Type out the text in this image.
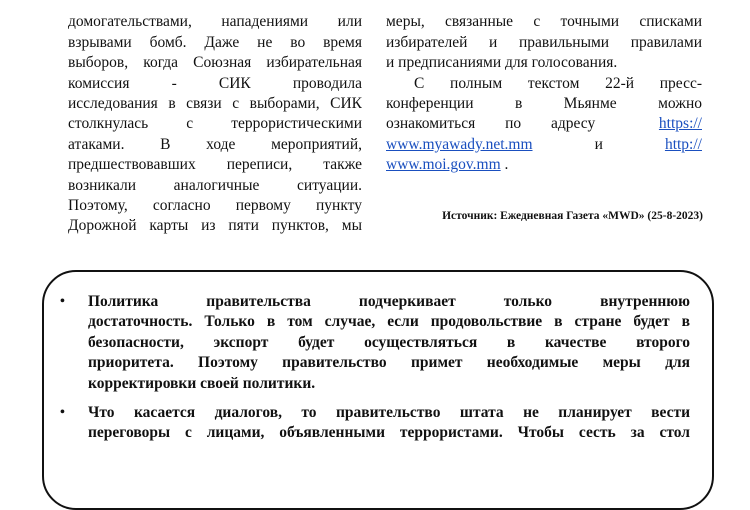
домогательствами, нападениями или
взрывами бомб. Даже не во время
выборов, когда Союзная избирательная
комиссия - СИК проводила
исследования в связи с выборами, СИК
столкнулась с террористическими
атаками. В ходе мероприятий,
предшествовавших переписи, также
возникали аналогичные ситуации.
Поэтому, согласно первому пункту
Дорожной карты из пяти пунктов, мы
меры, связанные с точными списками
избирателей и правильными правилами
и предписаниями для голосования.
С полным текстом 22-й пресс-
конференции в Мьянме можно
ознакомиться по адресу	https://
www.myawady.net.mm	и	http://
www.moi.gov.mm .
Источник: Ежедневная Газета «MWD» (25-8-2023)
•	Политика правительства подчеркивает только внутреннюю
достаточность. Только в том случае, если продовольствие в стране будет в
безопасности, экспорт будет осуществляться в качестве второго
приоритета. Поэтому правительство примет необходимые меры для
корректировки своей политики.
•	Что касается диалогов, то правительство штата не планирует вести
переговоры с лицами, объявленными террористами. Чтобы сесть за стол
